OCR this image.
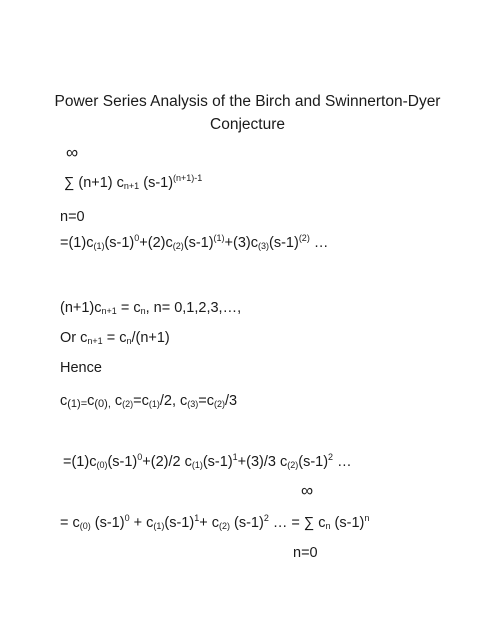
Power Series Analysis of the Birch and Swinnerton-Dyer
Conjecture
∞
∑ (n+1) $c_{n+1}$ $(s-1)^{(n+1)-1}$
n=0
$=(1)c_{(1)}(s-1)^0+(2)c_{(2)}(s-1)^{(1)}+(3)c_{(3)}(s-1)^{(2)}$ …
$(n+1)c_{n+1} = c_n$, n= 0,1,2,3,…,
Or $c_{n+1} = c_n/(n+1)$
Hence
$c_{(1)=}c_{(0),}$ $c_{(2)}=c_{(1)}/2$, $c_{(3)}=c_{(2)}/3$
$=(1)c_{(0)}(s-1)^0+(2)/2$ $c_{(1)}(s-1)^1+(3)/3$ $c_{(2)}(s-1)^2$ …
∞
= $c_{(0)}$ $(s-1)^0 + c_{(1)}(s-1)^1+ c_{(2)}$ $(s-1)^2$ … = ∑ $c_n$ $(s-1)^n$
n=0
